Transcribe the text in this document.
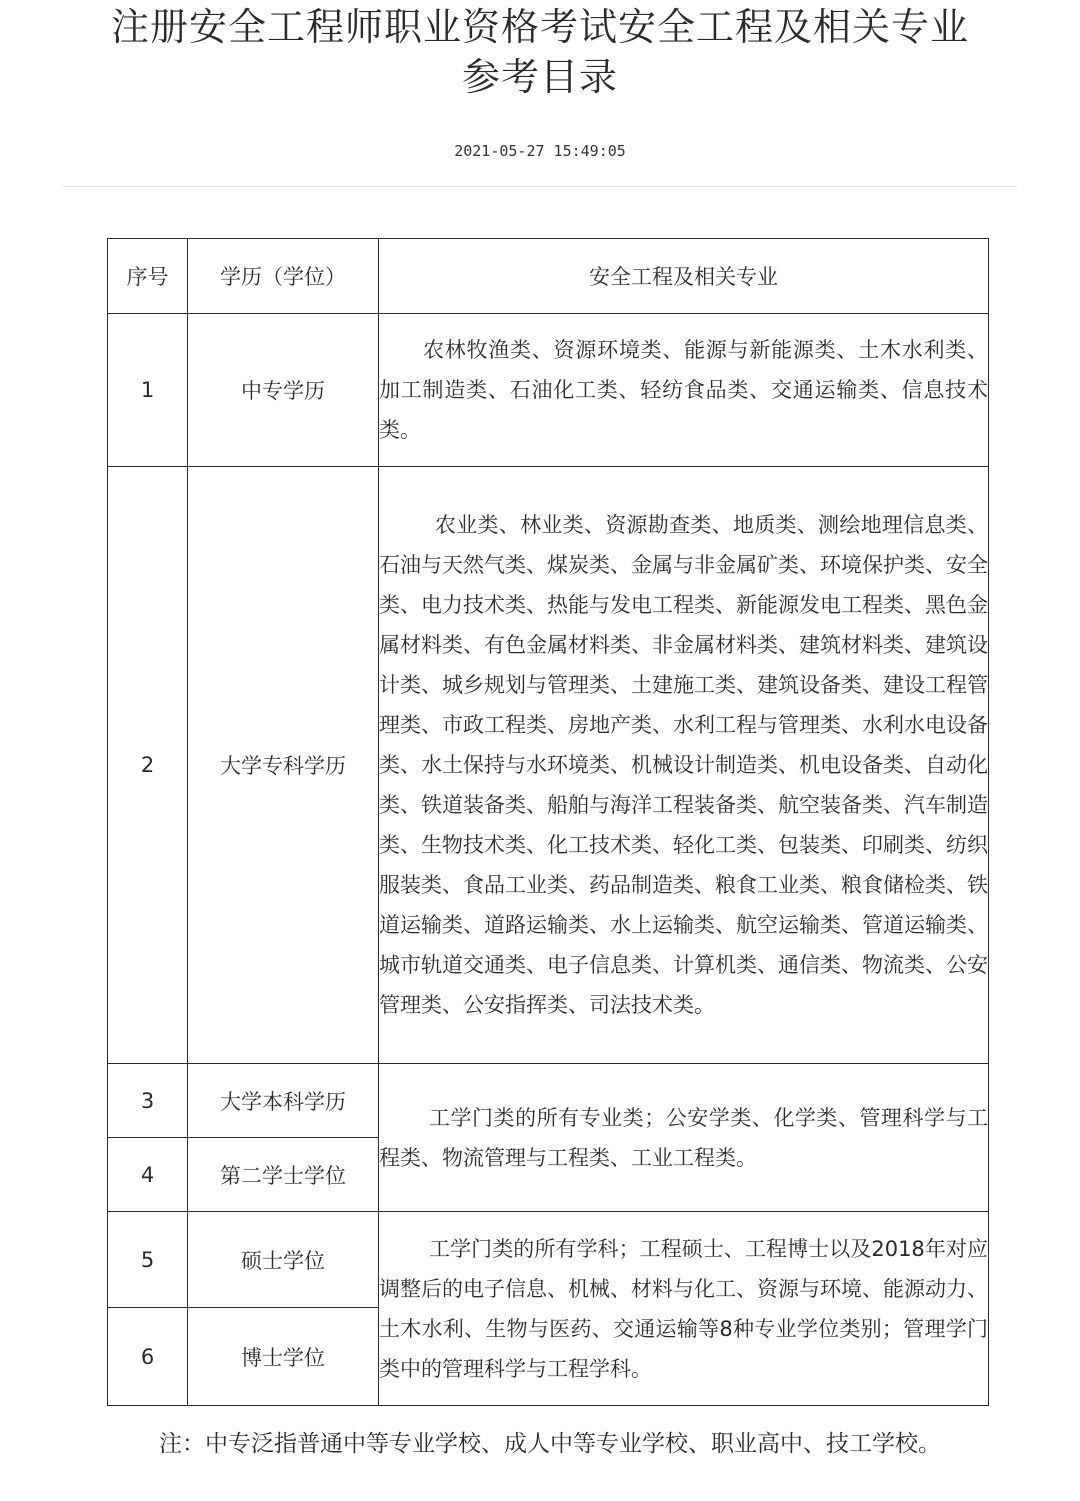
注册安全工程师职业资格考试安全工程及相关专业
参考目录
2021-05-27 15:49:05
序号	学历（学位）	安全工程及相关专业
1	中专学历	农林牧渔类、资源环境类、能源与新能源类、土木水利类、加工制造类、石油化工类、轻纺食品类、交通运输类、信息技术类。

2	大学专科学历	农业类、林业类、资源勘查类、地质类、测绘地理信息类、石油与天然气类、煤炭类、金属与非金属矿类、环境保护类、安全类、电力技术类、热能与发电工程类、新能源发电工程类、黑色金属材料类、有色金属材料类、非金属材料类、建筑材料类、建筑设计类、城乡规划与管理类、土建施工类、建筑设备类、建设工程管理类、市政工程类、房地产类、水利工程与管理类、水利水电设备类、水土保持与水环境类、机械设计制造类、机电设备类、自动化类、铁道装备类、船舶与海洋工程装备类、航空装备类、汽车制造类、生物技术类、化工技术类、轻化工类、包装类、印刷类、纺织服装类、食品工业类、药品制造类、粮食工业类、粮食储检类、铁道运输类、道路运输类、水上运输类、航空运输类、管道运输类、城市轨道交通类、电子信息类、计算机类、通信类、物流类、公安管理类、公安指挥类、司法技术类。

3	大学本科学历	工学门类的所有专业类；公安学类、化学类、管理科学与工程类、物流管理与工程类、工业工程类。

4	第二学士学位	
5	硕士学位	工学门类的所有学科；工程硕士、工程博士以及2018年对应调整后的电子信息、机械、材料与化工、资源与环境、能源动力、土木水利、生物与医药、交通运输等8种专业学位类别；管理学门类中的管理科学与工程学科。

6	博士学位	
注：中专泛指普通中等专业学校、成人中等专业学校、职业高中、技工学校。
